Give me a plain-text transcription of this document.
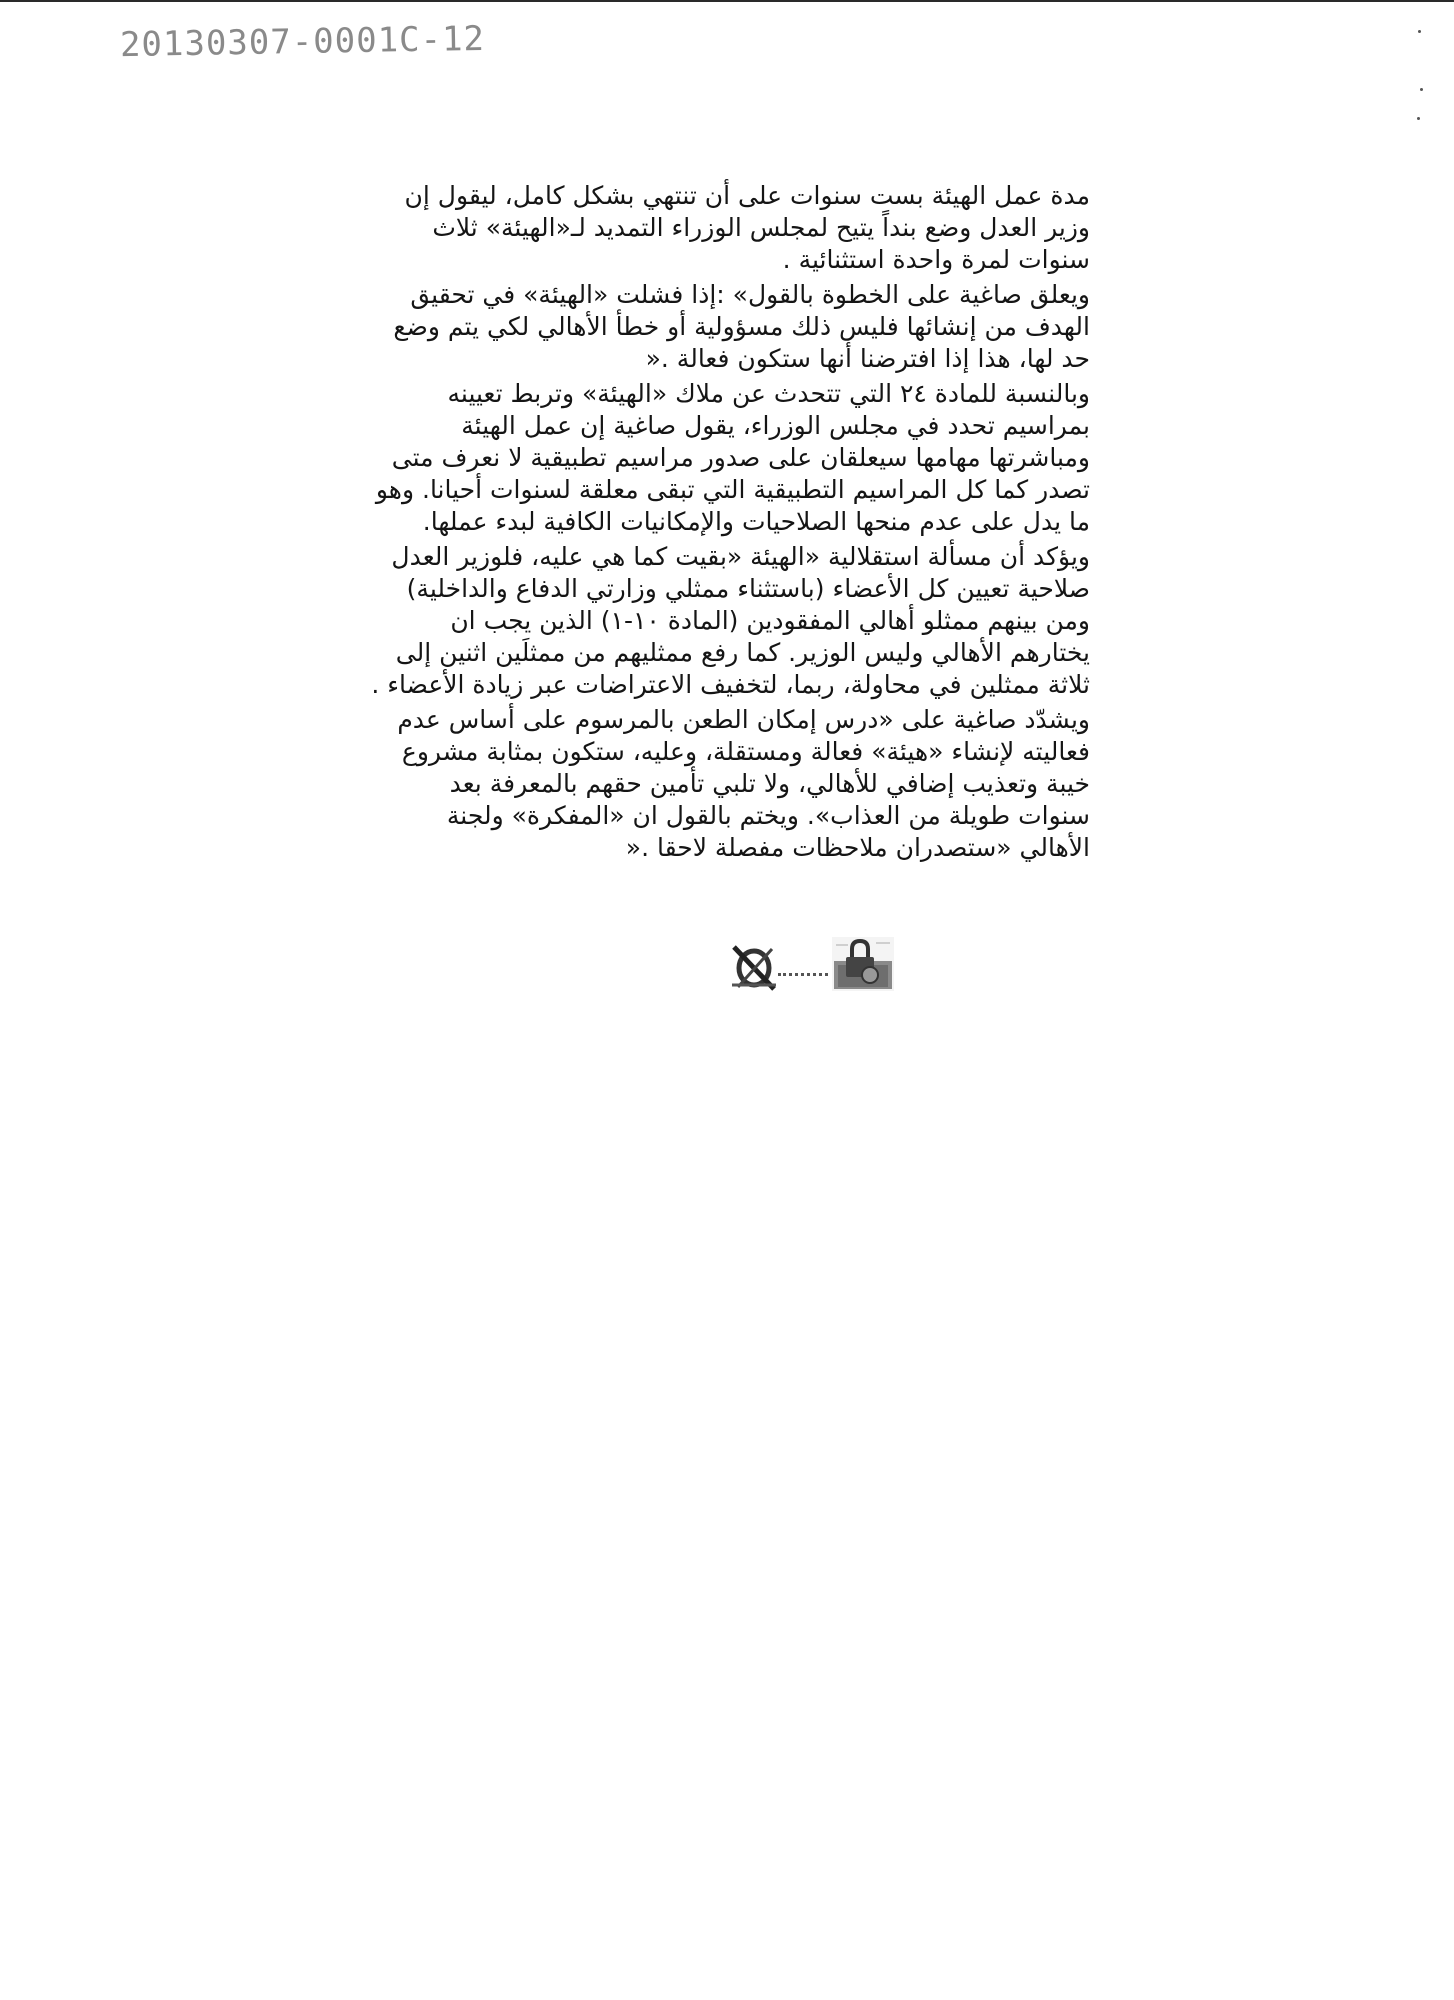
20130307-0001C-12

مدة عمل الهيئة بست سنوات على أن تنتهي بشكل كامل، ليقول إن وزير العدل وضع بنداً يتيح لمجلس الوزراء التمديد لـ«الهيئة» ثلاث سنوات لمرة واحدة استثنائية .

ويعلق صاغية على الخطوة بالقول» :إذا فشلت «الهيئة» في تحقيق الهدف من إنشائها فليس ذلك مسؤولية أو خطأ الأهالي لكي يتم وضع حد لها، هذا إذا افترضنا أنها ستكون فعالة .«

وبالنسبة للمادة ٢٤ التي تتحدث عن ملاك «الهيئة» وتربط تعيينه بمراسيم تحدد في مجلس الوزراء، يقول صاغية إن عمل الهيئة ومباشرتها مهامها سيعلقان على صدور مراسيم تطبيقية لا نعرف متى تصدر كما كل المراسيم التطبيقية التي تبقى معلقة لسنوات أحيانا. وهو ما يدل على عدم منحها الصلاحيات والإمكانيات الكافية لبدء عملها.

ويؤكد أن مسألة استقلالية «الهيئة «بقيت كما هي عليه، فلوزير العدل صلاحية تعيين كل الأعضاء (باستثناء ممثلي وزارتي الدفاع والداخلية) ومن بينهم ممثلو أهالي المفقودين (المادة ١٠-١) الذين يجب ان يختارهم الأهالي وليس الوزير. كما رفع ممثليهم من ممثلَين اثنين إلى ثلاثة ممثلين في محاولة، ربما، لتخفيف الاعتراضات عبر زيادة الأعضاء .

ويشدّد صاغية على «درس إمكان الطعن بالمرسوم على أساس عدم فعاليته لإنشاء «هيئة» فعالة ومستقلة، وعليه، ستكون بمثابة مشروع خيبة وتعذيب إضافي للأهالي، ولا تلبي تأمين حقهم بالمعرفة بعد سنوات طويلة من العذاب». ويختم بالقول ان «المفكرة» ولجنة الأهالي «ستصدران ملاحظات مفصلة لاحقا .«
